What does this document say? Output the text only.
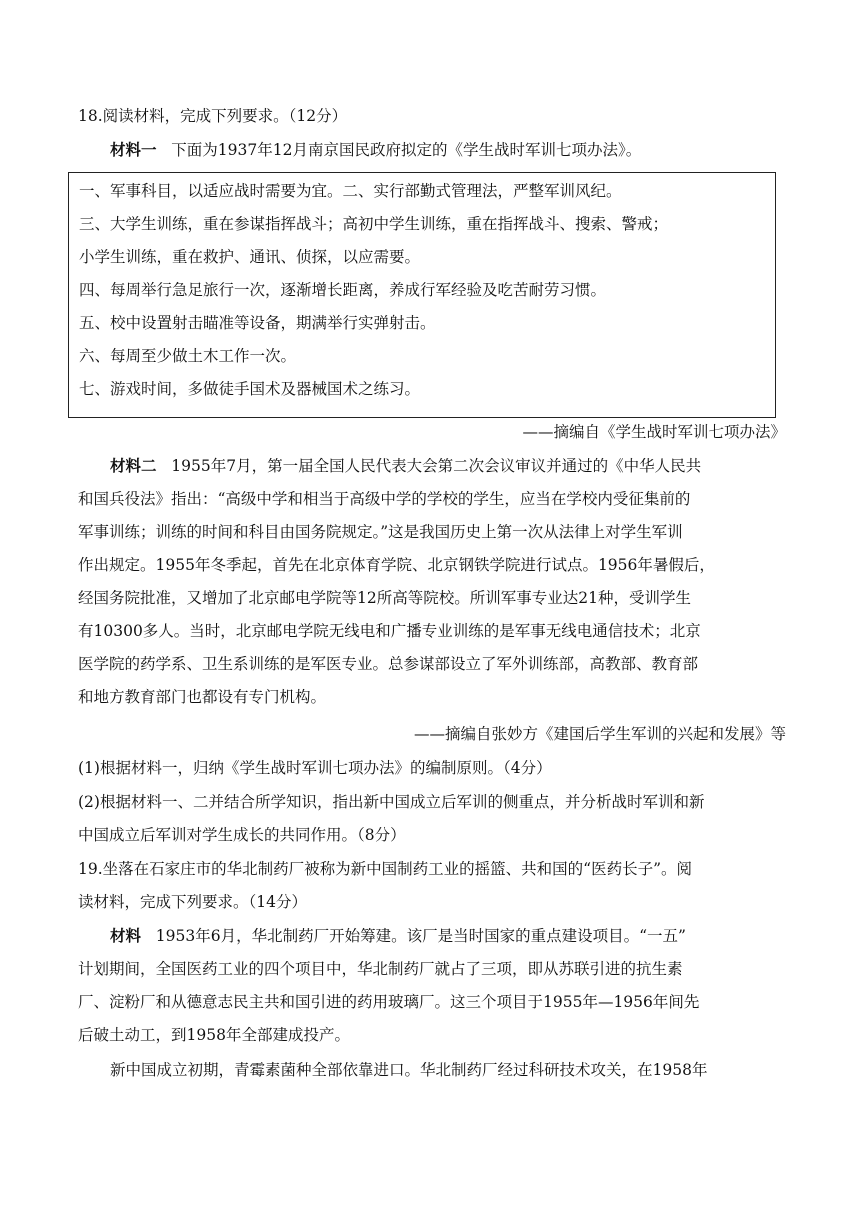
18.阅读材料，完成下列要求。（12分）
材料一 下面为1937年12月南京国民政府拟定的《学生战时军训七项办法》。
一、军事科目，以适应战时需要为宜。二、实行部勤式管理法，严整军训风纪。
三、大学生训练，重在参谋指挥战斗；高初中学生训练，重在指挥战斗、搜索、警戒；
小学生训练，重在救护、通讯、侦探，以应需要。
四、每周举行急足旅行一次，逐渐增长距离，养成行军经验及吃苦耐劳习惯。
五、校中设置射击瞄准等设备，期满举行实弹射击。
六、每周至少做土木工作一次。
七、游戏时间，多做徒手国术及器械国术之练习。
——摘编自《学生战时军训七项办法》
材料二 1955年7月，第一届全国人民代表大会第二次会议审议并通过的《中华人民共
和国兵役法》指出：“高级中学和相当于高级中学的学校的学生，应当在学校内受征集前的
军事训练；训练的时间和科目由国务院规定。”这是我国历史上第一次从法律上对学生军训
作出规定。1955年冬季起，首先在北京体育学院、北京钢铁学院进行试点。1956年暑假后，
经国务院批准，又增加了北京邮电学院等12所高等院校。所训军事专业达21种，受训学生
有10300多人。当时，北京邮电学院无线电和广播专业训练的是军事无线电通信技术；北京
医学院的药学系、卫生系训练的是军医专业。总参谋部设立了军外训练部，高教部、教育部
和地方教育部门也都设有专门机构。
——摘编自张妙方《建国后学生军训的兴起和发展》等
(1)根据材料一，归纳《学生战时军训七项办法》的编制原则。（4分）
(2)根据材料一、二并结合所学知识，指出新中国成立后军训的侧重点，并分析战时军训和新
中国成立后军训对学生成长的共同作用。（8分）
19.坐落在石家庄市的华北制药厂被称为新中国制药工业的摇篮、共和国的“医药长子”。阅
读材料，完成下列要求。（14分）
材料 1953年6月，华北制药厂开始筹建。该厂是当时国家的重点建设项目。“一五”
计划期间，全国医药工业的四个项目中，华北制药厂就占了三项，即从苏联引进的抗生素
厂、淀粉厂和从德意志民主共和国引进的药用玻璃厂。这三个项目于1955年—1956年间先
后破土动工，到1958年全部建成投产。
新中国成立初期，青霉素菌种全部依靠进口。华北制药厂经过科研技术攻关，在1958年
